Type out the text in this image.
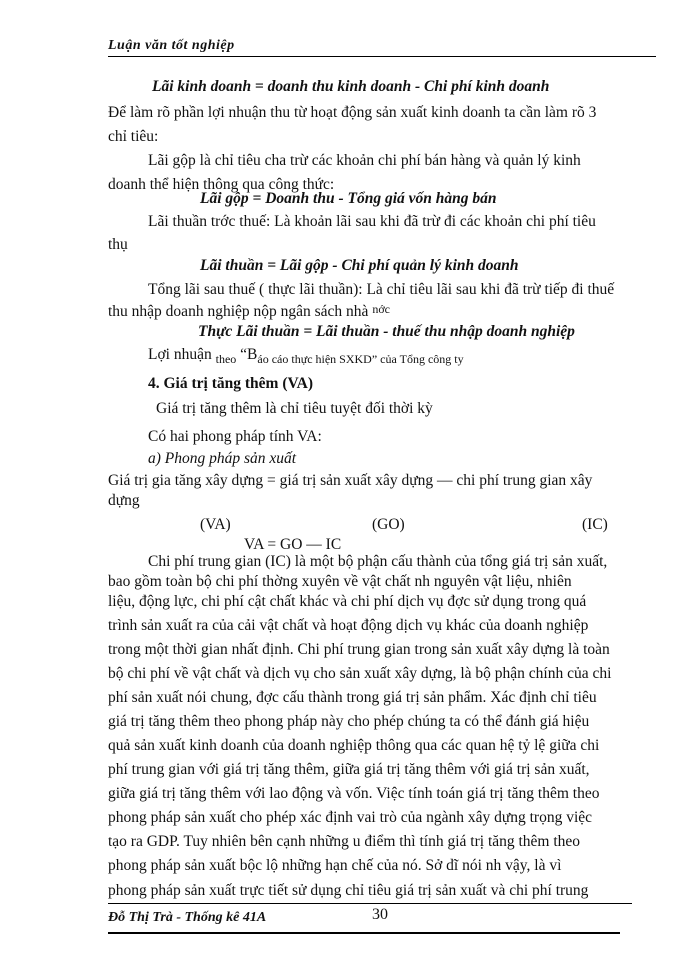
Luận văn tốt nghiệp
Lãi kinh doanh = doanh thu kinh doanh - Chi phí kinh doanh
Để làm rõ phần lợi nhuận thu từ hoạt động sản xuất kinh doanh ta cần làm rõ 3
chỉ tiêu:
Lãi gộp là chỉ tiêu cha trừ các khoản chi phí bán hàng và quản lý kinh
doanh thể hiện thông qua công thức:
Lãi gộp = Doanh thu - Tổng giá vốn hàng bán
Lãi thuần trớc thuế: Là khoản lãi sau khi đã trừ đi các khoản chi phí tiêu
thụ
Lãi thuần = Lãi gộp - Chi phí quản lý kinh doanh
Tổng lãi sau thuế ( thực lãi thuần): Là chỉ tiêu lãi sau khi đã trừ tiếp đi thuế
thu nhập doanh nghiệp nộp ngân sách nhà nớc
Thực Lãi thuần = Lãi thuần - thuế thu nhập doanh nghiệp
Lợi nhuận $_{theo}$ “$B_{áo cáo thực hiện SXKD” của Tổng công ty}$
4. Giá trị tăng thêm (VA)
Giá trị tăng thêm là chỉ tiêu tuyệt đối thời kỳ
Có hai phong pháp tính VA:
a) Phong pháp sản xuất
Giá trị gia tăng xây dựng = giá trị sản xuất xây dựng — chi phí trung gian xây
dựng
(VA)	(GO)	(IC)
VA = GO — IC
Chi phí trung gian (IC) là một bộ phận cấu thành của tổng giá trị sản xuất,
bao gồm toàn bộ chi phí thờng xuyên về vật chất nh nguyên vật liệu, nhiên
liệu, động lực, chi phí cật chất khác và chi phí dịch vụ đợc sử dụng trong quá
trình sản xuất ra của cải vật chất và hoạt động dịch vụ khác của doanh nghiệp
trong một thời gian nhất định. Chi phí trung gian trong sản xuất xây dựng là toàn
bộ chi phí về vật chất và dịch vụ cho sản xuất xây dựng, là bộ phận chính của chi
phí sản xuất nói chung, đợc cấu thành trong giá trị sản phẩm. Xác định chỉ tiêu
giá trị tăng thêm theo phong pháp này cho phép chúng ta có thể đánh giá hiệu
quả sản xuất kinh doanh của doanh nghiệp thông qua các quan hệ tỷ lệ giữa chi
phí trung gian với giá trị tăng thêm, giữa giá trị tăng thêm với giá trị sản xuất,
giữa giá trị tăng thêm với lao động và vốn. Việc tính toán giá trị tăng thêm theo
phong pháp sản xuất cho phép xác định vai trò của ngành xây dựng trọng việc
tạo ra GDP. Tuy nhiên bên cạnh những u điểm thì tính giá trị tăng thêm theo
phong pháp sản xuất bộc lộ những hạn chế của nó. Sở dĩ nói nh vậy, là vì
Đỗ Thị Trà - Thống kê 41A	30
phong pháp sản xuất trực tiết sử dụng chỉ tiêu giá trị sản xuất và chi phí trung
